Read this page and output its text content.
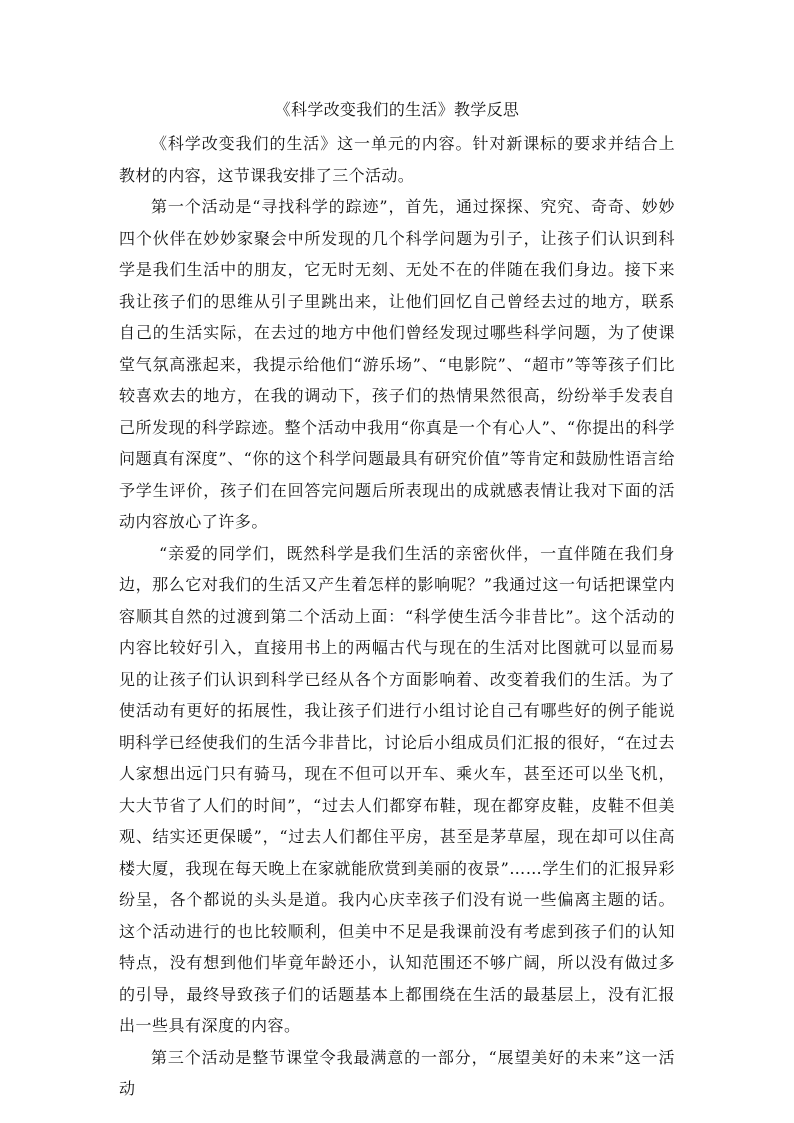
《科学改变我们的生活》教学反思

《科学改变我们的生活》这一单元的内容。针对新课标的要求并结合上教材的内容，这节课我安排了三个活动。

第一个活动是“寻找科学的踪迹”，首先，通过探探、究究、奇奇、妙妙四个伙伴在妙妙家聚会中所发现的几个科学问题为引子，让孩子们认识到科学是我们生活中的朋友，它无时无刻、无处不在的伴随在我们身边。接下来我让孩子们的思维从引子里跳出来，让他们回忆自己曾经去过的地方，联系自己的生活实际，在去过的地方中他们曾经发现过哪些科学问题，为了使课堂气氛高涨起来，我提示给他们“游乐场”、“电影院”、“超市”等等孩子们比较喜欢去的地方，在我的调动下，孩子们的热情果然很高，纷纷举手发表自己所发现的科学踪迹。整个活动中我用“你真是一个有心人”、“你提出的科学问题真有深度”、“你的这个科学问题最具有研究价值”等肯定和鼓励性语言给予学生评价，孩子们在回答完问题后所表现出的成就感表情让我对下面的活动内容放心了许多。

“亲爱的同学们，既然科学是我们生活的亲密伙伴，一直伴随在我们身边，那么它对我们的生活又产生着怎样的影响呢？”我通过这一句话把课堂内容顺其自然的过渡到第二个活动上面：“科学使生活今非昔比”。这个活动的内容比较好引入，直接用书上的两幅古代与现在的生活对比图就可以显而易见的让孩子们认识到科学已经从各个方面影响着、改变着我们的生活。为了使活动有更好的拓展性，我让孩子们进行小组讨论自己有哪些好的例子能说明科学已经使我们的生活今非昔比，讨论后小组成员们汇报的很好，“在过去人家想出远门只有骑马，现在不但可以开车、乘火车，甚至还可以坐飞机，大大节省了人们的时间”，“过去人们都穿布鞋，现在都穿皮鞋，皮鞋不但美观、结实还更保暖”，“过去人们都住平房，甚至是茅草屋，现在却可以住高楼大厦，我现在每天晚上在家就能欣赏到美丽的夜景”……学生们的汇报异彩纷呈，各个都说的头头是道。我内心庆幸孩子们没有说一些偏离主题的话。这个活动进行的也比较顺利，但美中不足是我课前没有考虑到孩子们的认知特点，没有想到他们毕竟年龄还小，认知范围还不够广阔，所以没有做过多的引导，最终导致孩子们的话题基本上都围绕在生活的最基层上，没有汇报出一些具有深度的内容。

第三个活动是整节课堂令我最满意的一部分，“展望美好的未来”这一活动
